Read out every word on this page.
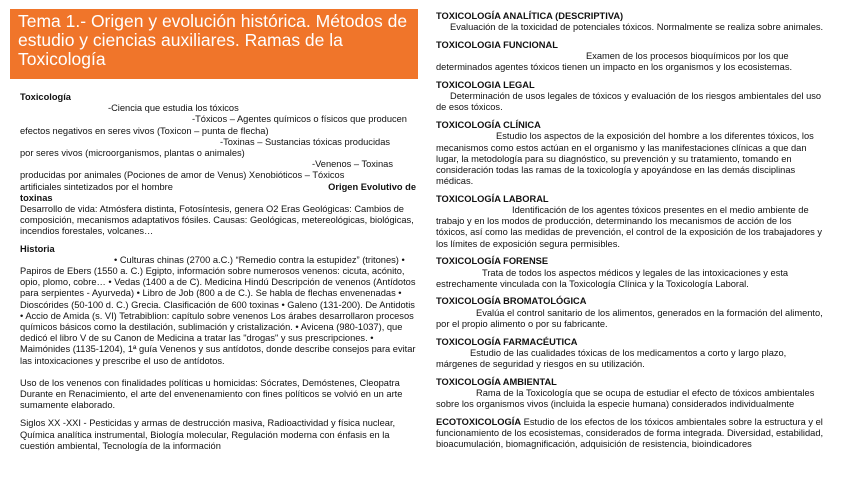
Tema 1.- Origen y evolución histórica. Métodos de estudio y ciencias auxiliares. Ramas de la Toxicología

Toxicología

-Ciencia que estudia los tóxicos

-Tóxicos – Agentes químicos o físicos que producen

efectos negativos en seres vivos (Toxicon – punta de flecha)

-Toxinas – Sustancias tóxicas producidas

por seres vivos (microorganismos, plantas o animales)

-Venenos – Toxinas

producidas por animales (Pociones de amor de Venus) Xenobióticos – Tóxicos

artificiales sintetizados por el hombre	Origen Evolutivo de

toxinas

Desarrollo de vida: Atmósfera distinta, Fotosíntesis, genera O2 Eras Geológicas: Cambios de composición, mecanismos adaptativos fósiles. Causas: Geológicas, metereológicas, biológicas, incendios forestales, volcanes…

Historia

• Culturas chinas (2700 a.C.) “Remedio contra la estupidez” (tritones) • Papiros de Ebers (1550 a. C.) Egipto, información sobre numerosos venenos: cicuta, acónito, opio, plomo, cobre… • Vedas (1400 a de C). Medicina Hindú Descripción de venenos (Antídotos para serpientes - Ayurveda) • Libro de Job (800 a de C.). Se habla de flechas envenenadas • Dioscórides (50-100 d. C.) Grecia. Clasificación de 600 toxinas • Galeno (131-200). De Antidotis • Accio de Amida (s. VI) Tetrabiblion: capítulo sobre venenos Los árabes desarrollaron procesos químicos básicos como la destilación, sublimación y cristalización. • Avicena (980-1037), que dedicó el libro V de su Canon de Medicina a tratar las "drogas" y sus prescripciones. • Maimónides (1135-1204), 1ª guía Venenos y sus antídotos, donde describe consejos para evitar las intoxicaciones y prescribe el uso de antídotos.

Uso de los venenos con finalidades políticas u homicidas: Sócrates, Demóstenes, Cleopatra Durante en Renacimiento, el arte del envenenamiento con fines políticos se volvió en un arte sumamente elaborado.

Siglos XX -XXI - Pesticidas y armas de destrucción masiva, Radioactividad y física nuclear, Química analítica instrumental, Biología molecular, Regulación moderna con énfasis en la cuestión ambiental, Tecnología de la información

TOXICOLOGÍA ANALÍTICA (DESCRIPTIVA)
Evaluación de la toxicidad de potenciales tóxicos. Normalmente se realiza sobre animales.
TOXICOLOGIA FUNCIONAL
Examen de los procesos bioquímicos por los que determinados agentes tóxicos tienen un impacto en los organismos y los ecosistemas.
TOXICOLOGIA LEGAL
Determinación de usos legales de tóxicos y evaluación de los riesgos ambientales del uso de esos tóxicos.
TOXICOLOGÍA CLÍNICA
Estudio los aspectos de la exposición del hombre a los diferentes tóxicos, los mecanismos como estos actúan en el organismo y las manifestaciones clínicas a que dan lugar, la metodología para su diagnóstico, su prevención y su tratamiento, tomando en consideración todas las ramas de la toxicología y apoyándose en las demás disciplinas médicas.
TOXICOLOGÍA LABORAL
Identificación de los agentes tóxicos presentes en el medio ambiente de trabajo y en los modos de producción, determinando los mecanismos de acción de los tóxicos, así como las medidas de prevención, el control de la exposición de los trabajadores y los límites de exposición segura permisibles.
TOXICOLOGÍA FORENSE
Trata de todos los aspectos médicos y legales de las intoxicaciones y esta estrechamente vinculada con la Toxicología Clínica y la Toxicología Laboral.
TOXICOLOGÍA BROMATOLÓGICA
Evalúa el control sanitario de los alimentos, generados en la formación del alimento, por el propio alimento o por su fabricante.
TOXICOLOGÍA FARMACÉUTICA
Estudio de las cualidades tóxicas de los medicamentos a corto y largo plazo, márgenes de seguridad y riesgos en su utilización.
TOXICOLOGÍA AMBIENTAL
Rama de la Toxicología que se ocupa de estudiar el efecto de tóxicos ambientales sobre los organismos vivos (incluida la especie humana) considerados individualmente
ECOTOXICOLOGÍA Estudio de los efectos de los tóxicos ambientales sobre la estructura y el funcionamiento de los ecosistemas, considerados de forma integrada. Diversidad, estabilidad, bioacumulación, biomagnificación, adquisición de resistencia, bioindicadores
